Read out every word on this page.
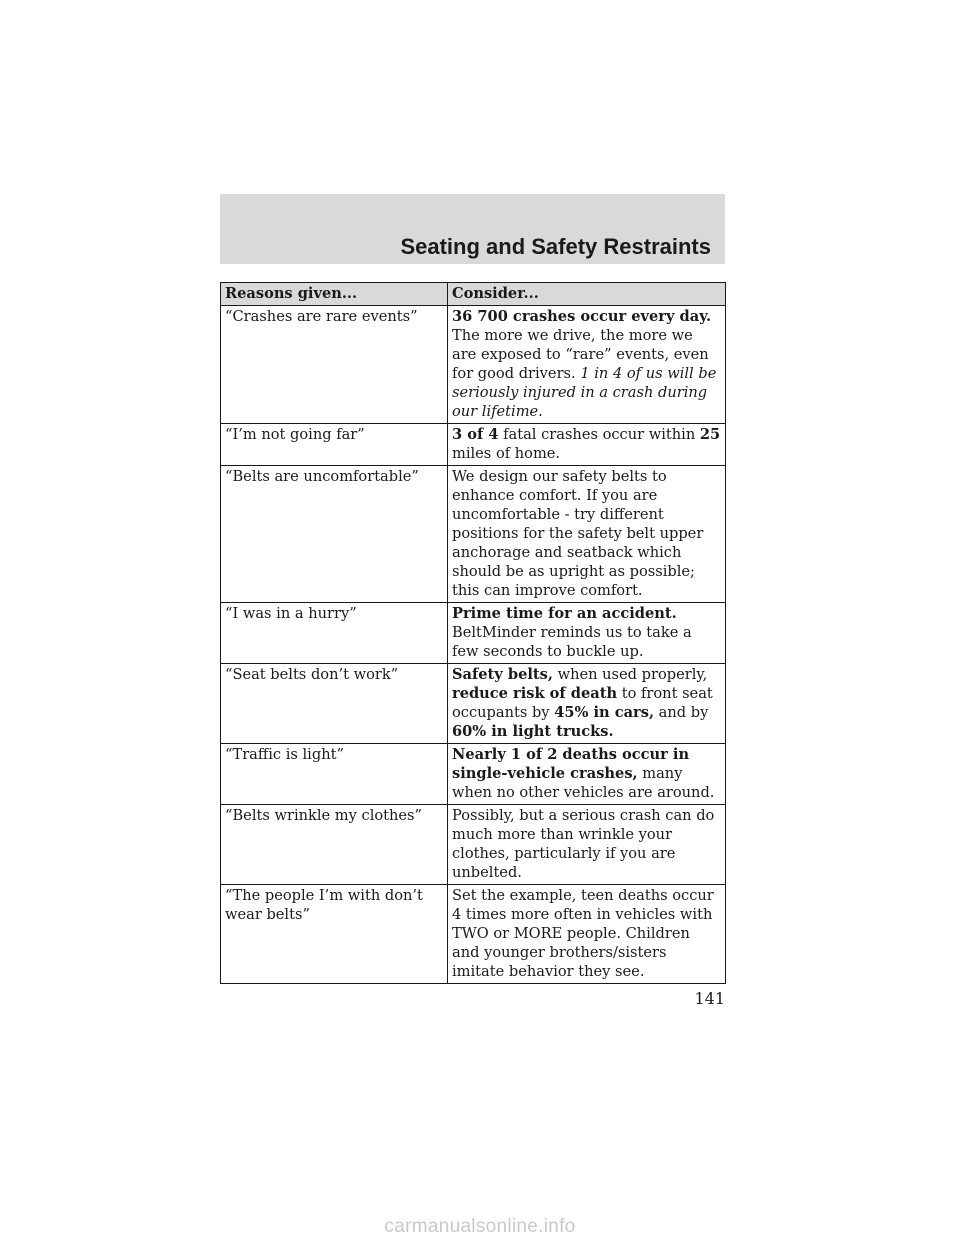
Seating and Safety Restraints
Reasons given...	Consider...
“Crashes are rare events”	36 700 crashes occur every day. The more we drive, the more we are exposed to “rare” events, even for good drivers. 1 in 4 of us will be seriously injured in a crash during our lifetime.
“I’m not going far”	3 of 4 fatal crashes occur within 25 miles of home.
“Belts are uncomfortable”	We design our safety belts to enhance comfort. If you are uncomfortable - try different positions for the safety belt upper anchorage and seatback which should be as upright as possible; this can improve comfort.
“I was in a hurry”	Prime time for an accident. BeltMinder reminds us to take a few seconds to buckle up.
“Seat belts don’t work”	Safety belts, when used properly, reduce risk of death to front seat occupants by 45% in cars, and by 60% in light trucks.
“Traffic is light”	Nearly 1 of 2 deaths occur in single-vehicle crashes, many when no other vehicles are around.
“Belts wrinkle my clothes”	Possibly, but a serious crash can do much more than wrinkle your clothes, particularly if you are unbelted.
“The people I’m with don’t wear belts”	Set the example, teen deaths occur 4 times more often in vehicles with TWO or MORE people. Children and younger brothers/sisters imitate behavior they see.
141
carmanualsonline.info
